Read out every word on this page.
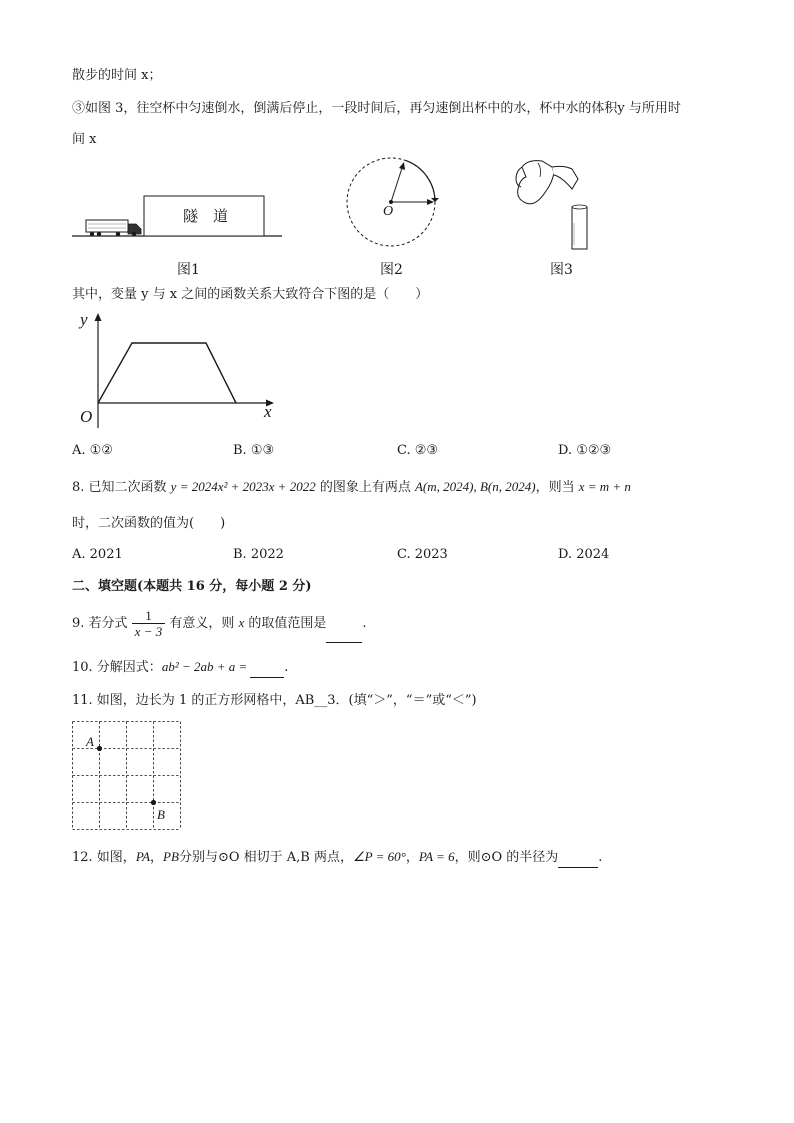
散步的时间 x；
③如图 3，往空杯中匀速倒水，倒满后停止，一段时间后，再匀速倒出杯中的水，杯中水的体积y 与所用时
间 x
隧　道
图1
O
图2	图3
其中，变量 y 与 x 之间的函数关系大致符合下图的是（　　）
y
x
O
A. ①②	B. ①③	C. ②③	D. ①②③
8. 已知二次函数 y = 2024x² + 2023x + 2022 的图象上有两点 A(m, 2024), B(n, 2024)，则当 x = m + n
时，二次函数的值为(　　)
A. 2021	B. 2022	C. 2023	D. 2024
二、填空题(本题共 16 分，每小题 2 分)
9. 若分式 $\frac{1}{x - 3}$ 有意义，则 x 的取值范围是	.
10. 分解因式：ab² − 2ab + a =	.
11. 如图，边长为 1 的正方形网格中，AB__3．(填“＞”，“＝”或“＜”)
A
B
12. 如图，PA，PB分别与⊙O 相切于 A,B 两点，∠P = 60°，PA = 6，则⊙O 的半径为	.
